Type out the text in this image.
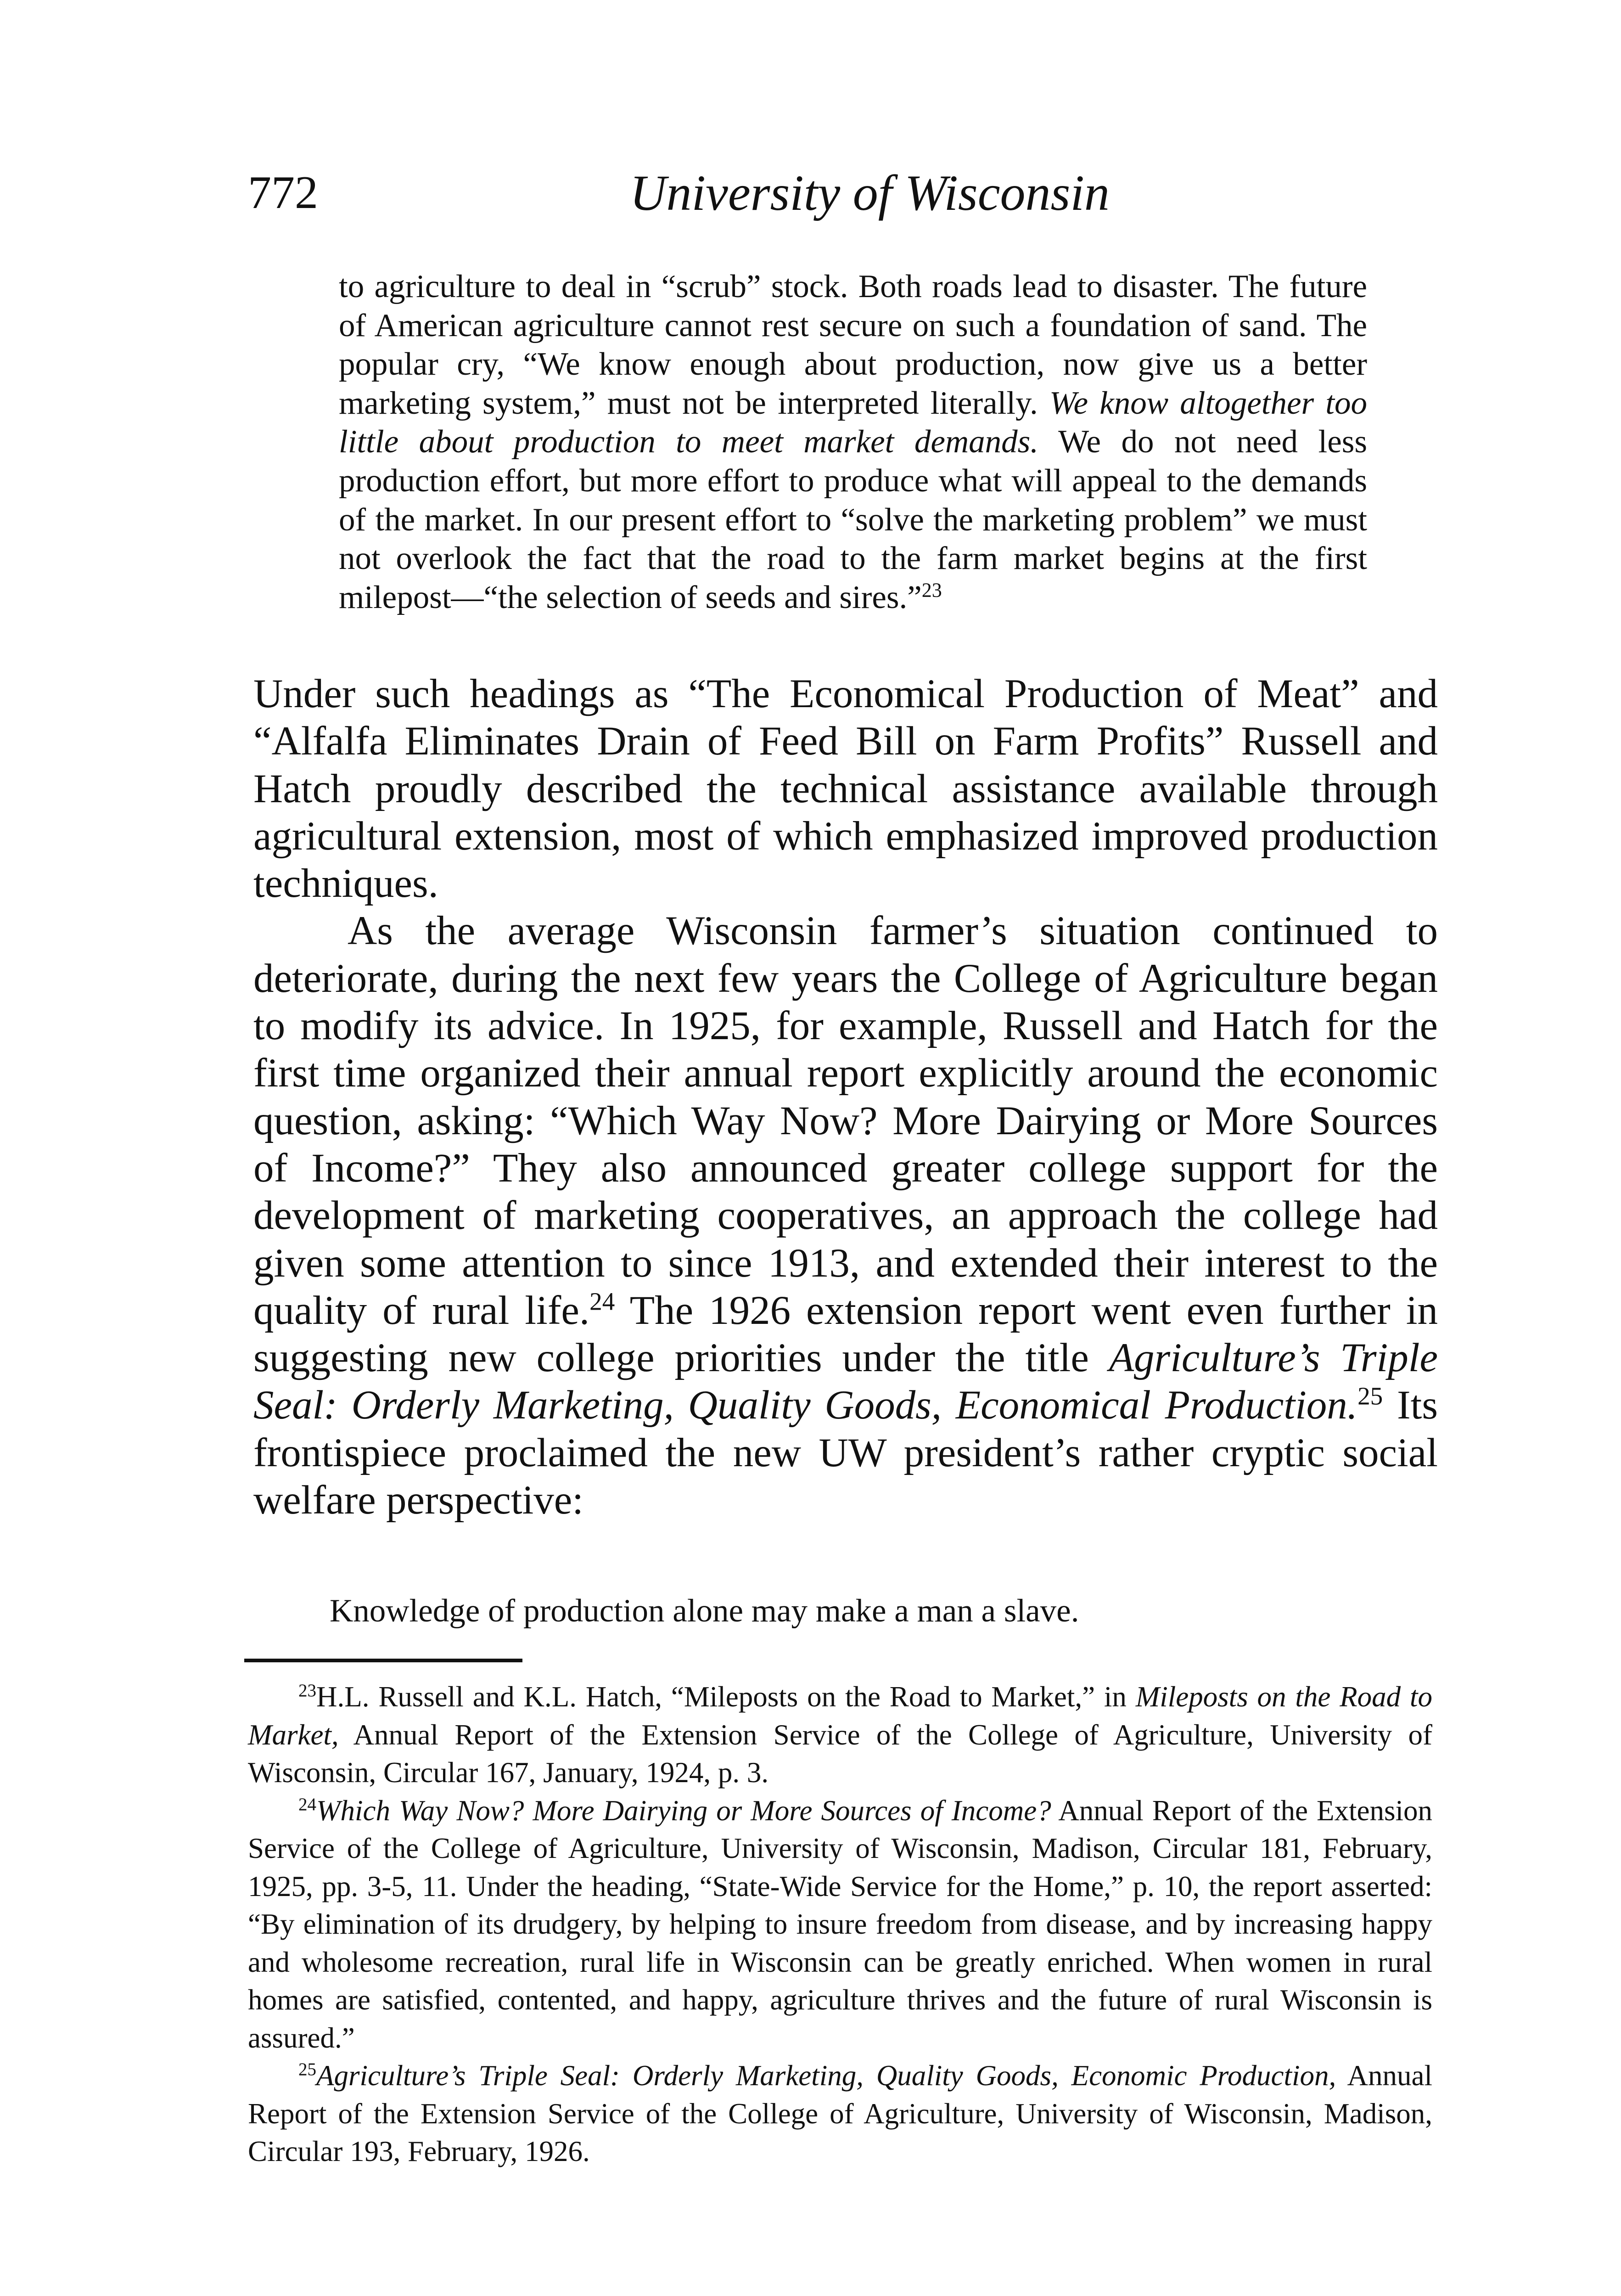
772	University of Wisconsin
to agriculture to deal in “scrub” stock. Both roads lead to disaster. The future of American agriculture cannot rest secure on such a foundation of sand. The popular cry, “We know enough about production, now give us a better marketing system,” must not be interpreted literally. We know altogether too little about production to meet market demands. We do not need less production effort, but more effort to produce what will appeal to the demands of the market. In our present effort to “solve the marketing problem” we must not overlook the fact that the road to the farm market begins at the first milepost—“the selection of seeds and sires.”$^{23}$

Under such headings as “The Economical Production of Meat” and “Alfalfa Eliminates Drain of Feed Bill on Farm Profits” Russell and Hatch proudly described the technical assistance available through agricultural extension, most of which emphasized improved production techniques.

As the average Wisconsin farmer’s situation continued to deteriorate, during the next few years the College of Agriculture began to modify its advice. In 1925, for example, Russell and Hatch for the first time organized their annual report explicitly around the economic question, asking: “Which Way Now? More Dairying or More Sources of Income?” They also announced greater college support for the development of marketing cooperatives, an approach the college had given some attention to since 1913, and extended their interest to the quality of rural life.$^{24}$ The 1926 extension report went even further in suggesting new college priorities under the title Agriculture’s Triple Seal: Orderly Marketing, Quality Goods, Economical Production.$^{25}$ Its frontispiece proclaimed the new UW president’s rather cryptic social welfare perspective:

Knowledge of production alone may make a man a slave.

$^{23}$H.L. Russell and K.L. Hatch, “Mileposts on the Road to Market,” in Mileposts on the Road to Market, Annual Report of the Extension Service of the College of Agriculture, University of Wisconsin, Circular 167, January, 1924, p. 3.

$^{24}$Which Way Now? More Dairying or More Sources of Income? Annual Report of the Extension Service of the College of Agriculture, University of Wisconsin, Madison, Circular 181, February, 1925, pp. 3-5, 11. Under the heading, “State-Wide Service for the Home,” p. 10, the report asserted: “By elimination of its drudgery, by helping to insure freedom from disease, and by increasing happy and wholesome recreation, rural life in Wisconsin can be greatly enriched. When women in rural homes are satisfied, contented, and happy, agriculture thrives and the future of rural Wisconsin is assured.”

$^{25}$Agriculture’s Triple Seal: Orderly Marketing, Quality Goods, Economic Production, Annual Report of the Extension Service of the College of Agriculture, University of Wisconsin, Madison, Circular 193, February, 1926.
